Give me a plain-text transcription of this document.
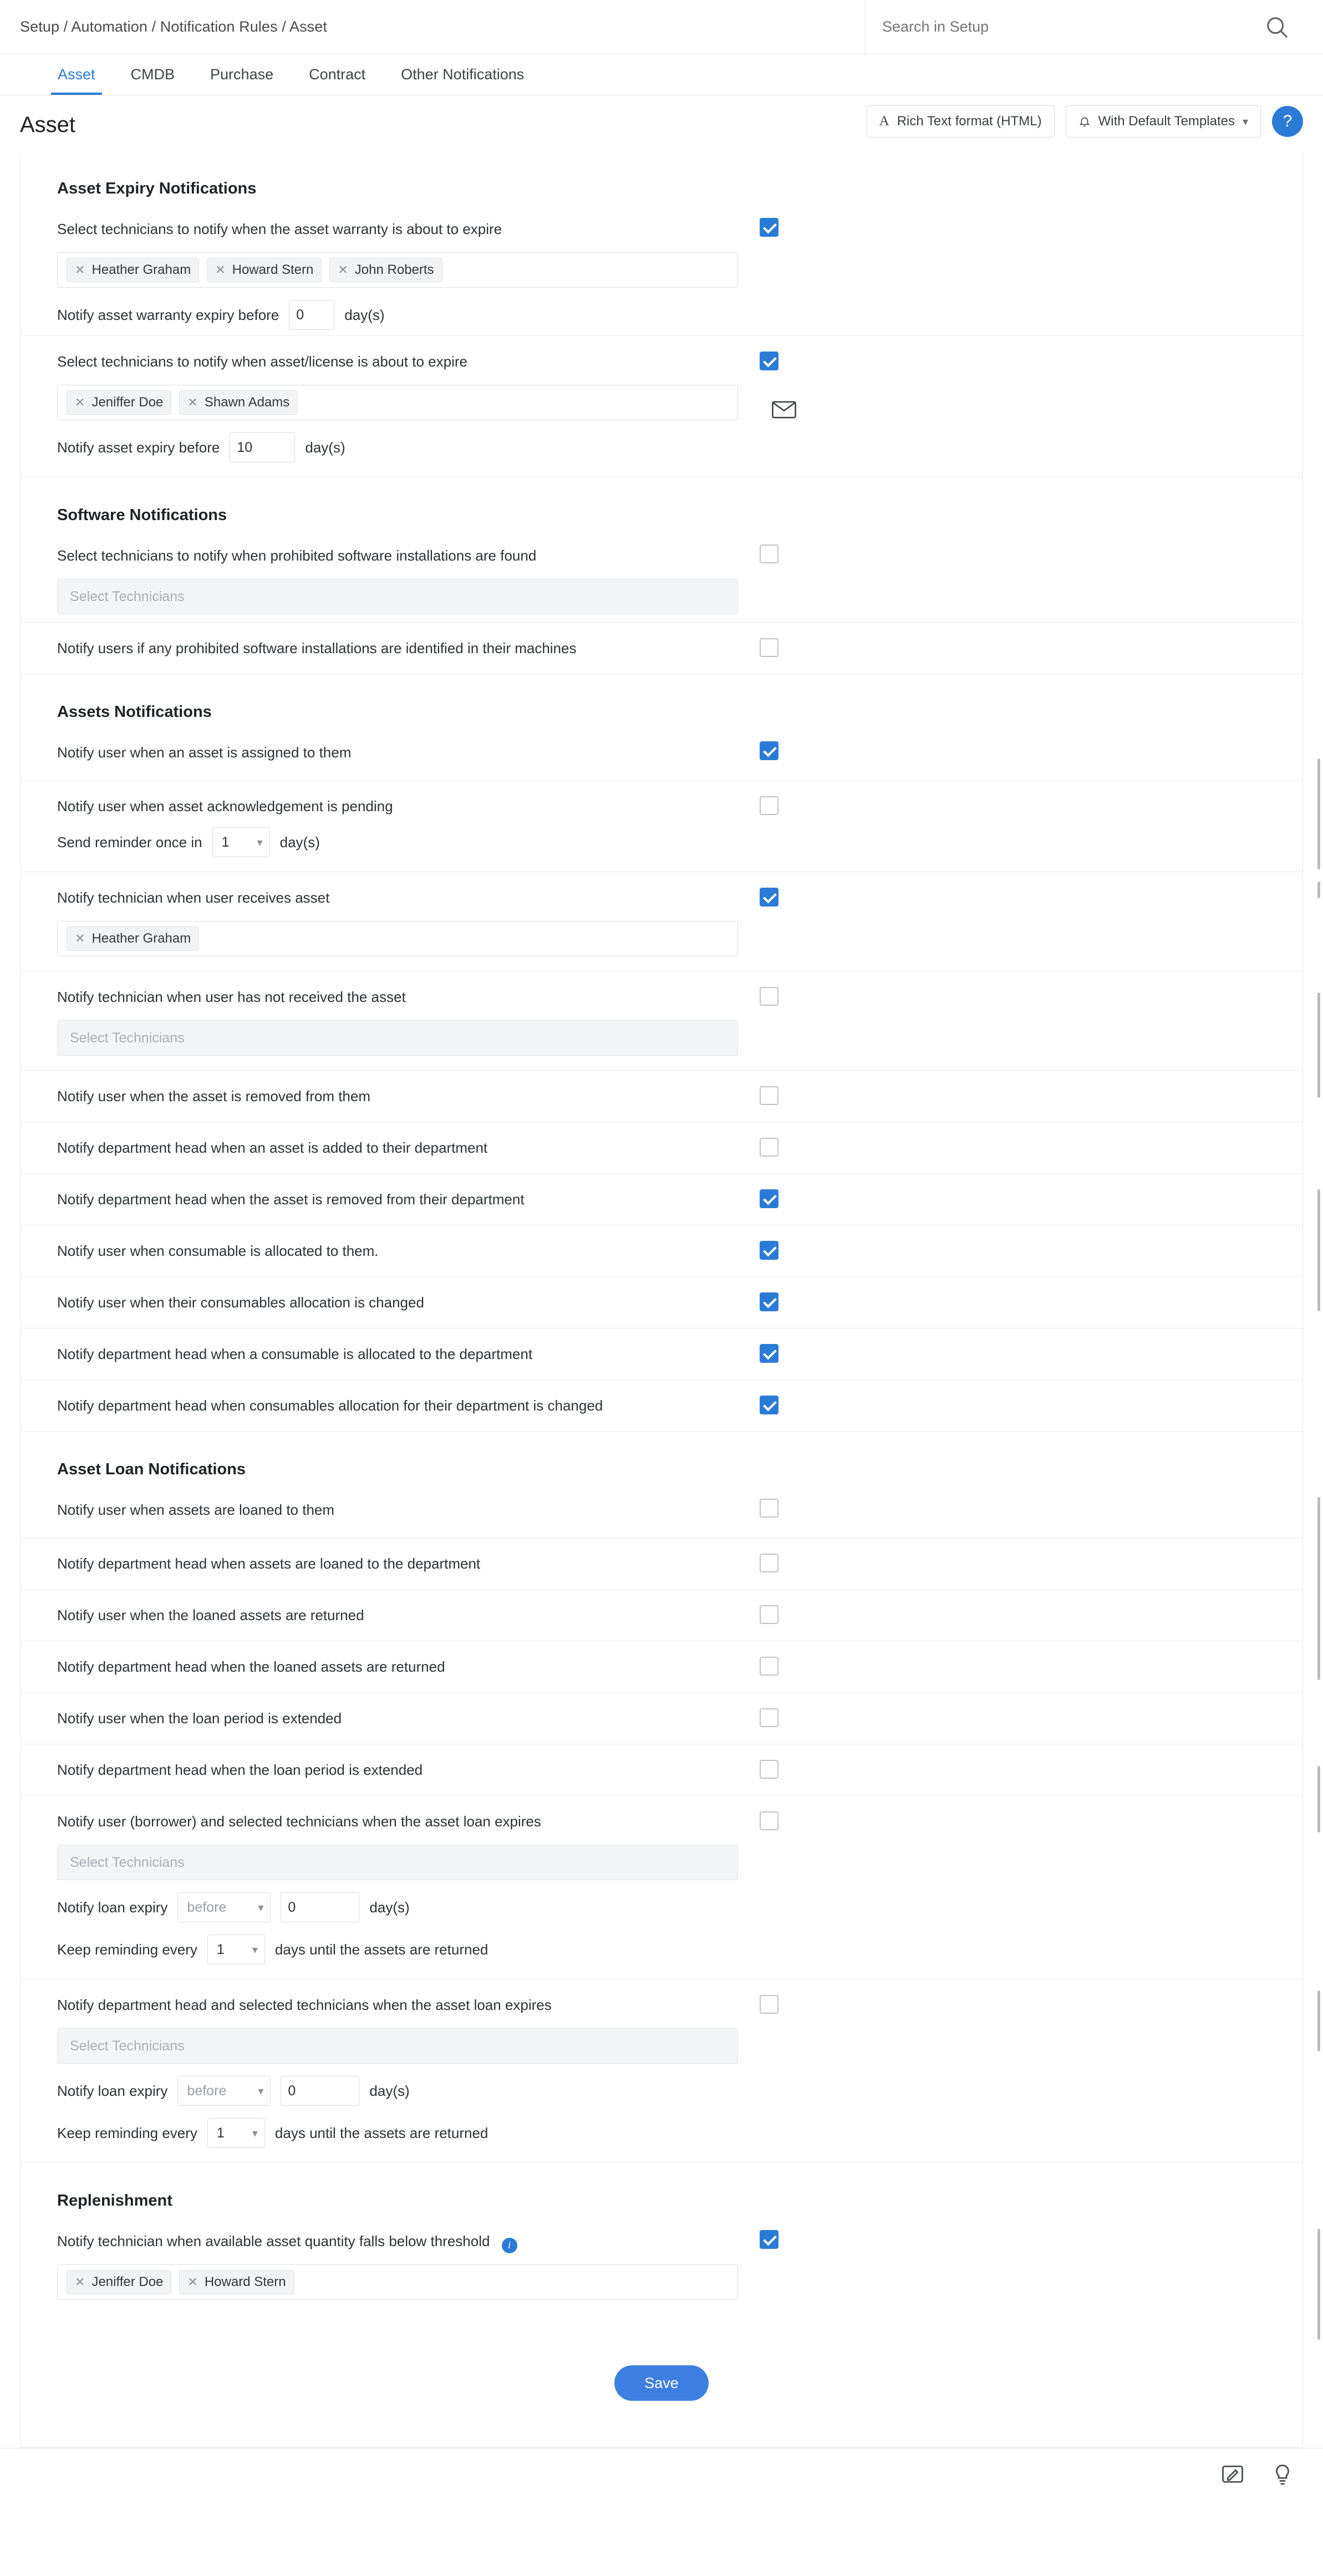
Setup / Automation / Notification Rules / Asset
Search in Setup
Asset CMDB Purchase Contract Other Notifications
Asset	A Rich Text format (HTML)	With Default Templates ▾ ?
Asset Expiry Notifications
Select technicians to notify when the asset warranty is about to expire
✕ Heather Graham ✕ Howard Stern ✕ John Roberts
Notify asset warranty expiry before
0	day(s)
Select technicians to notify when asset/license is about to expire
✕ Jeniffer Doe ✕ Shawn Adams
Notify asset expiry before
10	day(s)
Software Notifications
Select technicians to notify when prohibited software installations are found
Select Technicians
Notify users if any prohibited software installations are identified in their machines
Assets Notifications
Notify user when an asset is assigned to them
Notify user when asset acknowledgement is pending
Send reminder once in 1	▾ day(s)
Notify technician when user receives asset
✕ Heather Graham
Notify technician when user has not received the asset
Select Technicians
Notify user when the asset is removed from them
Notify department head when an asset is added to their department
Notify department head when the asset is removed from their department
Notify user when consumable is allocated to them.
Notify user when their consumables allocation is changed
Notify department head when a consumable is allocated to the department
Notify department head when consumables allocation for their department is changed
Asset Loan Notifications
Notify user when assets are loaned to them
Notify department head when assets are loaned to the department
Notify user when the loaned assets are returned
Notify department head when the loaned assets are returned
Notify user when the loan period is extended
Notify department head when the loan period is extended
Notify user (borrower) and selected technicians when the asset loan expires
Select Technicians
Notify loan expiry before	▾
0	day(s)
Keep reminding every 1	▾ days until the assets are returned
Notify department head and selected technicians when the asset loan expires
Select Technicians
Notify loan expiry before	▾
0	day(s)
Keep reminding every 1	▾ days until the assets are returned
Replenishment
Notify technician when available asset quantity falls below threshold i
✕ Jeniffer Doe ✕ Howard Stern
Save
